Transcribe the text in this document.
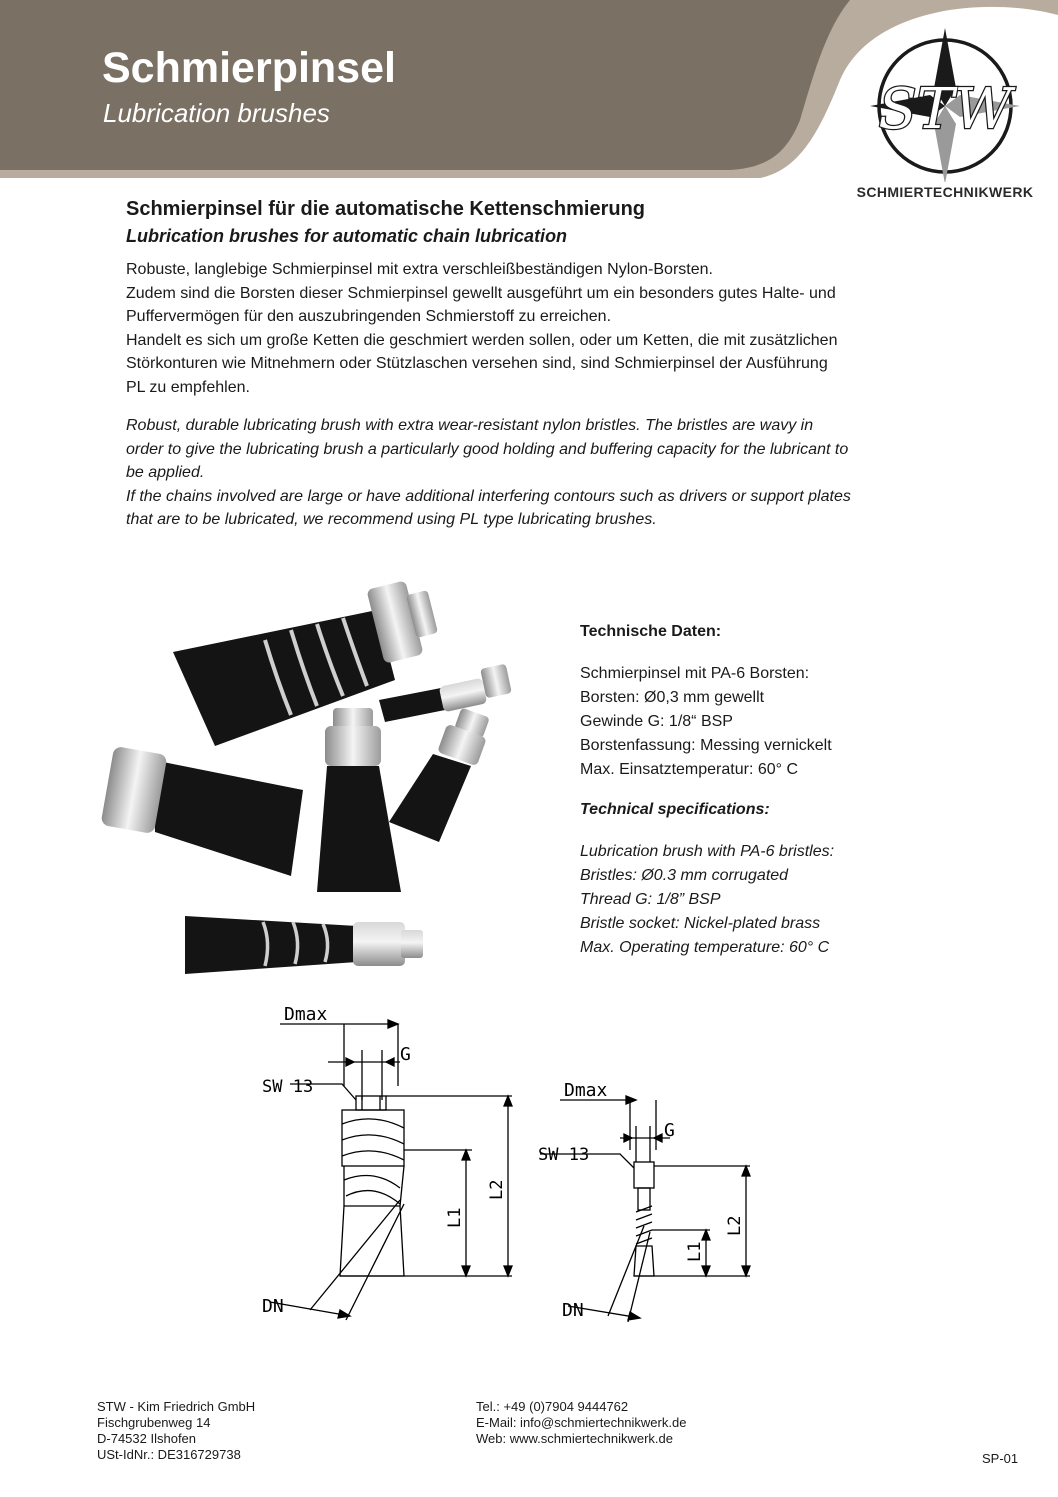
Schmierpinsel
Lubrication brushes	STW
SCHMIERTECHNIKWERK
Schmierpinsel für die automatische Kettenschmierung
Lubrication brushes for automatic chain lubrication

Robuste, langlebige Schmierpinsel mit extra verschleißbeständigen Nylon-Borsten.

Zudem sind die Borsten dieser Schmierpinsel gewellt ausgeführt um ein besonders gutes Halte- und

Puffervermögen für den auszubringenden Schmierstoff zu erreichen.

Handelt es sich um große Ketten die geschmiert werden sollen, oder um Ketten, die mit zusätzlichen

Störkonturen wie Mitnehmern oder Stützlaschen versehen sind, sind Schmierpinsel der Ausführung

PL zu empfehlen.

Robust, durable lubricating brush with extra wear-resistant nylon bristles. The bristles are wavy in

order to give the lubricating brush a particularly good holding and buffering capacity for the lubricant to

be applied.

If the chains involved are large or have additional interfering contours such as drivers or support plates

that are to be lubricated, we recommend using PL type lubricating brushes.

Technische Daten:
Schmierpinsel mit PA-6 Borsten:
Borsten: Ø0,3 mm gewellt
Gewinde G: 1/8“ BSP
Borstenfassung: Messing vernickelt
Max. Einsatztemperatur: 60° C
Technical specifications:
Lubrication brush with PA-6 bristles:
Bristles: Ø0.3 mm corrugated
Thread G: 1/8” BSP
Bristle socket: Nickel-plated brass
Max. Operating temperature: 60° C
Dmax
G
SW 13
L1
L2
DN
Dmax
G
SW 13
L1
L2
DN
STW - Kim Friedrich GmbH
Fischgrubenweg 14
D-74532 Ilshofen
USt-IdNr.: DE316729738
Tel.: +49 (0)7904 9444762
E-Mail: info@schmiertechnikwerk.de
Web: www.schmiertechnikwerk.de
SP-01
